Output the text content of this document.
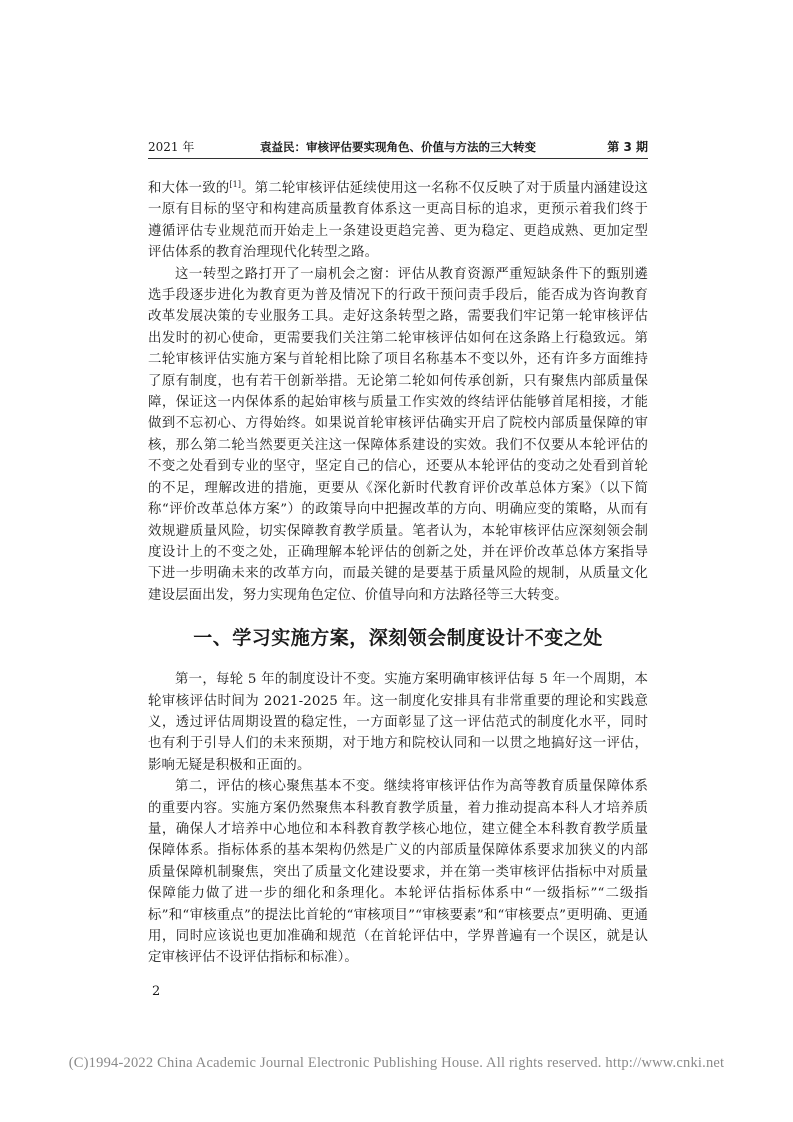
2021 年	袁益民：审核评估要实现角色、价值与方法的三大转变	第 3 期

和大体一致的[1]。第二轮审核评估延续使用这一名称不仅反映了对于质量内涵建设这一原有目标的坚守和构建高质量教育体系这一更高目标的追求，更预示着我们终于遵循评估专业规范而开始走上一条建设更趋完善、更为稳定、更趋成熟、更加定型评估体系的教育治理现代化转型之路。

这一转型之路打开了一扇机会之窗：评估从教育资源严重短缺条件下的甄别遴选手段逐步进化为教育更为普及情况下的行政干预问责手段后，能否成为咨询教育改革发展决策的专业服务工具。走好这条转型之路，需要我们牢记第一轮审核评估出发时的初心使命，更需要我们关注第二轮审核评估如何在这条路上行稳致远。第二轮审核评估实施方案与首轮相比除了项目名称基本不变以外，还有许多方面维持了原有制度，也有若干创新举措。无论第二轮如何传承创新，只有聚焦内部质量保障，保证这一内保体系的起始审核与质量工作实效的终结评估能够首尾相接，才能做到不忘初心、方得始终。如果说首轮审核评估确实开启了院校内部质量保障的审核，那么第二轮当然要更关注这一保障体系建设的实效。我们不仅要从本轮评估的不变之处看到专业的坚守，坚定自己的信心，还要从本轮评估的变动之处看到首轮的不足，理解改进的措施，更要从《深化新时代教育评价改革总体方案》（以下简称“评价改革总体方案”）的政策导向中把握改革的方向、明确应变的策略，从而有效规避质量风险，切实保障教育教学质量。笔者认为，本轮审核评估应深刻领会制度设计上的不变之处，正确理解本轮评估的创新之处，并在评价改革总体方案指导下进一步明确未来的改革方向，而最关键的是要基于质量风险的规制，从质量文化建设层面出发，努力实现角色定位、价值导向和方法路径等三大转变。

一、学习实施方案，深刻领会制度设计不变之处

第一，每轮 5 年的制度设计不变。实施方案明确审核评估每 5 年一个周期，本轮审核评估时间为 2021-2025 年。这一制度化安排具有非常重要的理论和实践意义，透过评估周期设置的稳定性，一方面彰显了这一评估范式的制度化水平，同时也有利于引导人们的未来预期，对于地方和院校认同和一以贯之地搞好这一评估，影响无疑是积极和正面的。

第二，评估的核心聚焦基本不变。继续将审核评估作为高等教育质量保障体系的重要内容。实施方案仍然聚焦本科教育教学质量，着力推动提高本科人才培养质量，确保人才培养中心地位和本科教育教学核心地位，建立健全本科教育教学质量保障体系。指标体系的基本架构仍然是广义的内部质量保障体系要求加狭义的内部质量保障机制聚焦，突出了质量文化建设要求，并在第一类审核评估指标中对质量保障能力做了进一步的细化和条理化。本轮评估指标体系中“一级指标”“二级指标”和“审核重点”的提法比首轮的“审核项目”“审核要素”和“审核要点”更明确、更通用，同时应该说也更加准确和规范（在首轮评估中，学界普遍有一个误区，就是认定审核评估不设评估指标和标准）。

2
(C)1994-2022 China Academic Journal Electronic Publishing House. All rights reserved. http://www.cnki.net
